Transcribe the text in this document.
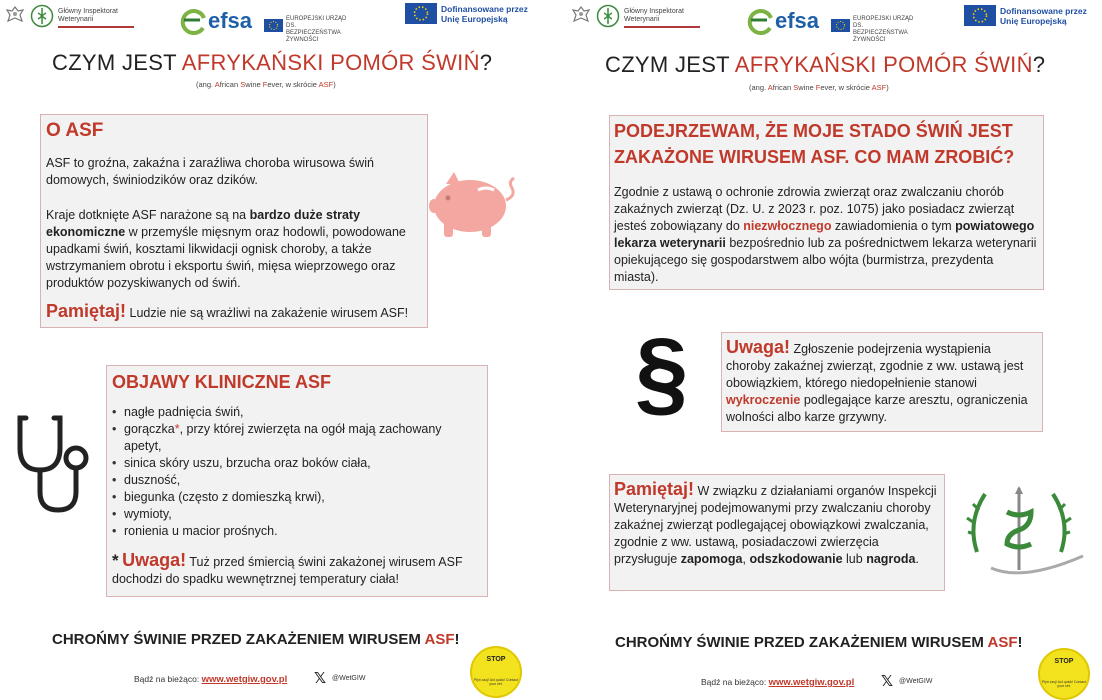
Główny Inspektorat Weterynarii	efsa	EUROPEJSKI URZĄD DS. BEZPIECZEŃSTWA ŻYWNOŚCI
Dofinansowane przez Unię Europejską
CZYM JEST AFRYKAŃSKI POMÓR ŚWIŃ?
(ang. African Swine Fever, w skrócie ASF)
O ASF
ASF to groźna, zakaźna i zaraźliwa choroba wirusowa świń domowych, świniodzików oraz dzików.
Kraje dotknięte ASF narażone są na bardzo duże straty ekonomiczne w przemyśle mięsnym oraz hodowli, powodowane upadkami świń, kosztami likwidacji ognisk choroby, a także wstrzymaniem obrotu i eksportu świń, mięsa wieprzowego oraz produktów pozyskiwanych od świń.
Pamiętaj! Ludzie nie są wrażliwi na zakażenie wirusem ASF!
OBJAWY KLINICZNE ASF
• nagłe padnięcia świń,
• gorączka*, przy której zwierzęta na ogół mają zachowany apetyt,
• sinica skóry uszu, brzucha oraz boków ciała,
• duszność,
• biegunka (często z domieszką krwi),
• wymioty,
• ronienia u macior prośnych.
* Uwaga! Tuż przed śmiercią świni zakażonej wirusem ASF dochodzi do spadku wewnętrznej temperatury ciała!
CHROŃMY ŚWINIE PRZED ZAKAŻENIEM WIRUSEM ASF!
Bądź na bieżąco: www.wetgiw.gov.pl 𝕏 @WetGIW
STOP
Płyń czuj! Act quick! Contact your vet.
Główny Inspektorat Weterynarii	efsa	EUROPEJSKI URZĄD DS. BEZPIECZEŃSTWA ŻYWNOŚCI
Dofinansowane przez Unię Europejską
CZYM JEST AFRYKAŃSKI POMÓR ŚWIŃ?
(ang. African Swine Fever, w skrócie ASF)
PODEJRZEWAM, ŻE MOJE STADO ŚWIŃ JEST
ZAKAŻONE WIRUSEM ASF. CO MAM ZROBIĆ?
Zgodnie z ustawą o ochronie zdrowia zwierząt oraz zwalczaniu chorób zakaźnych zwierząt (Dz. U. z 2023 r. poz. 1075) jako posiadacz zwierząt jesteś zobowiązany do niezwłocznego zawiadomienia o tym powiatowego lekarza weterynarii bezpośrednio lub za pośrednictwem lekarza weterynarii opiekującego się gospodarstwem albo wójta (burmistrza, prezydenta miasta).
§ Uwaga! Zgłoszenie podejrzenia wystąpienia choroby zakaźnej zwierząt, zgodnie z ww. ustawą jest obowiązkiem, którego niedopełnienie stanowi wykroczenie podlegające karze aresztu, ograniczenia wolności albo karze grzywny.
Pamiętaj! W związku z działaniami organów Inspekcji Weterynaryjnej podejmowanymi przy zwalczaniu choroby zakaźnej zwierząt podlegającej obowiązkowi zwalczania, zgodnie z ww. ustawą, posiadaczowi zwierzęcia przysługuje zapomoga, odszkodowanie lub nagroda.
CHROŃMY ŚWINIE PRZED ZAKAŻENIEM WIRUSEM ASF!
Bądź na bieżąco: www.wetgiw.gov.pl 𝕏 @WetGIW
STOP
Płyń czuj! Act quick! Contact your vet.
